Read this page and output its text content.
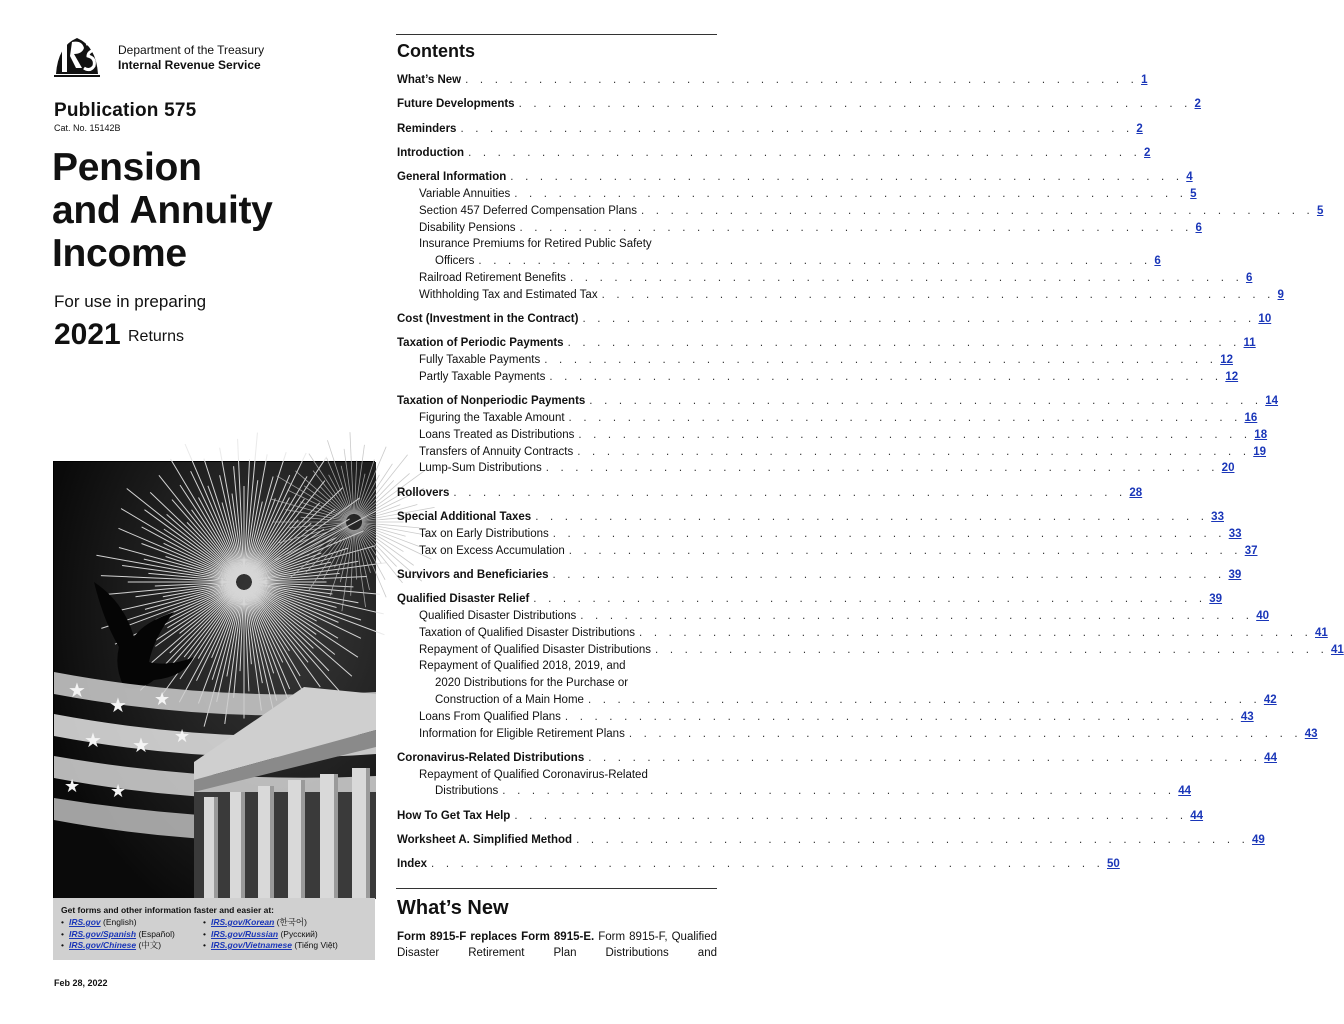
Department of the Treasury
Internal Revenue Service
Publication 575
Cat. No. 15142B
Pension
and Annuity
Income
For use in preparing
2021 Returns
★
★ ★
★ ★ ★
★ ★
Get forms and other information faster and easier at:
• IRS.gov (English)
• IRS.gov/Spanish (Español)
• IRS.gov/Chinese (中文)
• IRS.gov/Korean (한국어)
• IRS.gov/Russian (Русский)
• IRS.gov/Vietnamese (Tiếng Việt)
Feb 28, 2022
Contents
What’s New . . . . . . . . . . . . . . . . . . . . . . . . . . . . . . . . . . . . . . . . . . . . . . 1
Future Developments . . . . . . . . . . . . . . . . . . . . . . . . . . . . . . . . . . . . . . . . . . . . . . 2
Reminders . . . . . . . . . . . . . . . . . . . . . . . . . . . . . . . . . . . . . . . . . . . . . . 2
Introduction . . . . . . . . . . . . . . . . . . . . . . . . . . . . . . . . . . . . . . . . . . . . . . 2
General Information . . . . . . . . . . . . . . . . . . . . . . . . . . . . . . . . . . . . . . . . . . . . . . 4
Variable Annuities . . . . . . . . . . . . . . . . . . . . . . . . . . . . . . . . . . . . . . . . . . . . . . 5
Section 457 Deferred Compensation Plans . . . . . . . . . . . . . . . . . . . . . . . . . . . . . . . . . . . . . . . . . . . . . . 5
Disability Pensions . . . . . . . . . . . . . . . . . . . . . . . . . . . . . . . . . . . . . . . . . . . . . . 6
Insurance Premiums for Retired Public Safety
Officers . . . . . . . . . . . . . . . . . . . . . . . . . . . . . . . . . . . . . . . . . . . . . . 6
Railroad Retirement Benefits . . . . . . . . . . . . . . . . . . . . . . . . . . . . . . . . . . . . . . . . . . . . . . 6
Withholding Tax and Estimated Tax . . . . . . . . . . . . . . . . . . . . . . . . . . . . . . . . . . . . . . . . . . . . . . 9
Cost (Investment in the Contract) . . . . . . . . . . . . . . . . . . . . . . . . . . . . . . . . . . . . . . . . . . . . . . 10
Taxation of Periodic Payments . . . . . . . . . . . . . . . . . . . . . . . . . . . . . . . . . . . . . . . . . . . . . . 11
Fully Taxable Payments . . . . . . . . . . . . . . . . . . . . . . . . . . . . . . . . . . . . . . . . . . . . . . 12
Partly Taxable Payments . . . . . . . . . . . . . . . . . . . . . . . . . . . . . . . . . . . . . . . . . . . . . . 12
Taxation of Nonperiodic Payments . . . . . . . . . . . . . . . . . . . . . . . . . . . . . . . . . . . . . . . . . . . . . . 14
Figuring the Taxable Amount . . . . . . . . . . . . . . . . . . . . . . . . . . . . . . . . . . . . . . . . . . . . . . 16
Loans Treated as Distributions . . . . . . . . . . . . . . . . . . . . . . . . . . . . . . . . . . . . . . . . . . . . . . 18
Transfers of Annuity Contracts . . . . . . . . . . . . . . . . . . . . . . . . . . . . . . . . . . . . . . . . . . . . . . 19
Lump-Sum Distributions . . . . . . . . . . . . . . . . . . . . . . . . . . . . . . . . . . . . . . . . . . . . . . 20
Rollovers . . . . . . . . . . . . . . . . . . . . . . . . . . . . . . . . . . . . . . . . . . . . . . 28
Special Additional Taxes . . . . . . . . . . . . . . . . . . . . . . . . . . . . . . . . . . . . . . . . . . . . . . 33
Tax on Early Distributions . . . . . . . . . . . . . . . . . . . . . . . . . . . . . . . . . . . . . . . . . . . . . . 33
Tax on Excess Accumulation . . . . . . . . . . . . . . . . . . . . . . . . . . . . . . . . . . . . . . . . . . . . . . 37
Survivors and Beneficiaries . . . . . . . . . . . . . . . . . . . . . . . . . . . . . . . . . . . . . . . . . . . . . . 39
Qualified Disaster Relief . . . . . . . . . . . . . . . . . . . . . . . . . . . . . . . . . . . . . . . . . . . . . . 39
Qualified Disaster Distributions . . . . . . . . . . . . . . . . . . . . . . . . . . . . . . . . . . . . . . . . . . . . . . 40
Taxation of Qualified Disaster Distributions . . . . . . . . . . . . . . . . . . . . . . . . . . . . . . . . . . . . . . . . . . . . . . 41
Repayment of Qualified Disaster Distributions . . . . . . . . . . . . . . . . . . . . . . . . . . . . . . . . . . . . . . . . . . . . . . 41
Repayment of Qualified 2018, 2019, and
2020 Distributions for the Purchase or
Construction of a Main Home . . . . . . . . . . . . . . . . . . . . . . . . . . . . . . . . . . . . . . . . . . . . . . 42
Loans From Qualified Plans . . . . . . . . . . . . . . . . . . . . . . . . . . . . . . . . . . . . . . . . . . . . . . 43
Information for Eligible Retirement Plans . . . . . . . . . . . . . . . . . . . . . . . . . . . . . . . . . . . . . . . . . . . . . . 43
Coronavirus-Related Distributions . . . . . . . . . . . . . . . . . . . . . . . . . . . . . . . . . . . . . . . . . . . . . . 44
Repayment of Qualified Coronavirus-Related
Distributions . . . . . . . . . . . . . . . . . . . . . . . . . . . . . . . . . . . . . . . . . . . . . . 44
How To Get Tax Help . . . . . . . . . . . . . . . . . . . . . . . . . . . . . . . . . . . . . . . . . . . . . . 44
Worksheet A. Simplified Method . . . . . . . . . . . . . . . . . . . . . . . . . . . . . . . . . . . . . . . . . . . . . . 49
Index . . . . . . . . . . . . . . . . . . . . . . . . . . . . . . . . . . . . . . . . . . . . . . 50
What’s New
Form 8915-F replaces Form 8915-E. Form 8915-F, Qualified Disaster Retirement Plan Distributions and
